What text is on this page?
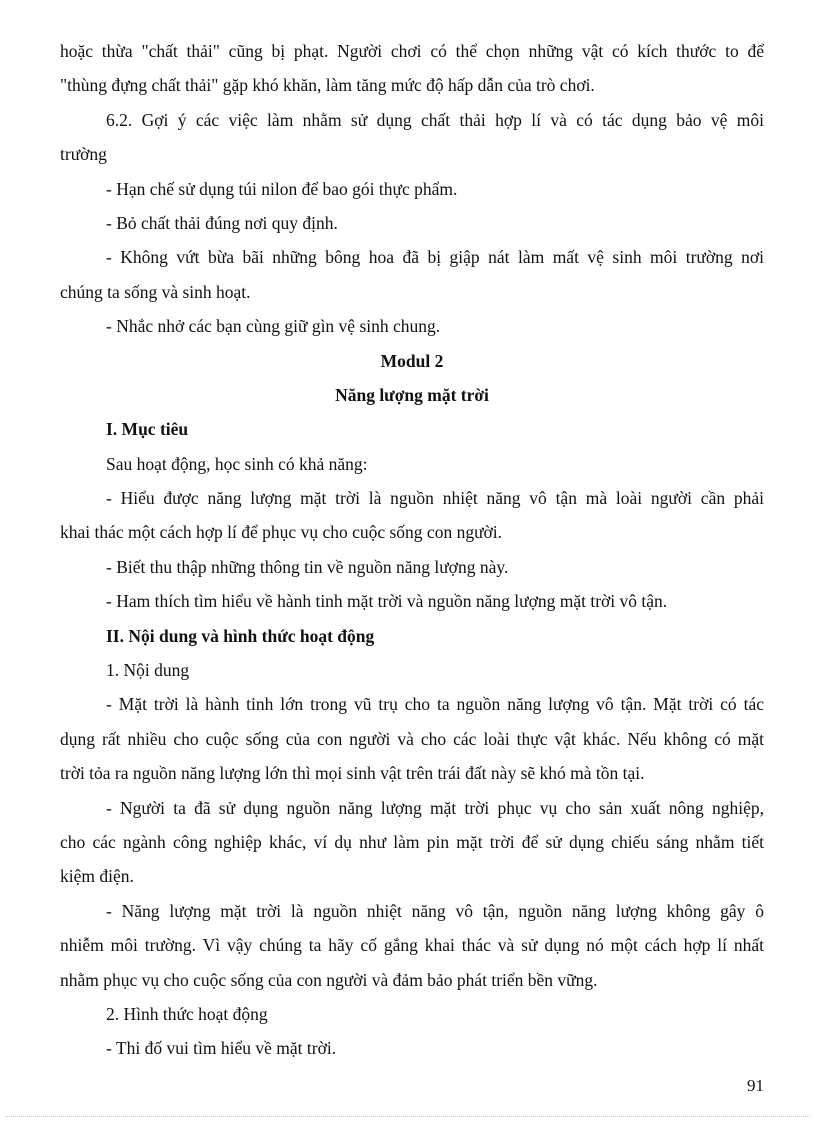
hoặc thừa "chất thải" cũng bị phạt. Người chơi có thể chọn những vật có kích thước to để
"thùng đựng chất thải" gặp khó khăn, làm tăng mức độ hấp dẫn của trò chơi.
6.2. Gợi ý các việc làm nhằm sử dụng chất thải hợp lí và có tác dụng bảo vệ môi
trường
- Hạn chế sử dụng túi nilon để bao gói thực phẩm.
- Bỏ chất thải đúng nơi quy định.
- Không vứt bừa bãi những bông hoa đã bị giập nát làm mất vệ sinh môi trường nơi
chúng ta sống và sinh hoạt.
- Nhắc nhở các bạn cùng giữ gìn vệ sinh chung.
Modul 2
Năng lượng mặt trời
I. Mục tiêu
Sau hoạt động, học sinh có khả năng:
- Hiểu được năng lượng mặt trời là nguồn nhiệt năng vô tận mà loài người cần phải
khai thác một cách hợp lí để phục vụ cho cuộc sống con người.
- Biết thu thập những thông tin về nguồn năng lượng này.
- Ham thích tìm hiểu về hành tinh mặt trời và nguồn năng lượng mặt trời vô tận.
II. Nội dung và hình thức hoạt động
1. Nội dung
- Mặt trời là hành tinh lớn trong vũ trụ cho ta nguồn năng lượng vô tận. Mặt trời có tác
dụng rất nhiều cho cuộc sống của con người và cho các loài thực vật khác. Nếu không có mặt
trời tỏa ra nguồn năng lượng lớn thì mọi sinh vật trên trái đất này sẽ khó mà tồn tại.
- Người ta đã sử dụng nguồn năng lượng mặt trời phục vụ cho sản xuất nông nghiệp,
cho các ngành công nghiệp khác, ví dụ như làm pin mặt trời để sử dụng chiếu sáng nhằm tiết
kiệm điện.
- Năng lượng mặt trời là nguồn nhiệt năng vô tận, nguồn năng lượng không gây ô
nhiễm môi trường. Vì vậy chúng ta hãy cố gắng khai thác và sử dụng nó một cách hợp lí nhất
nhằm phục vụ cho cuộc sống của con người và đảm bảo phát triển bền vững.
2. Hình thức hoạt động
- Thi đố vui tìm hiểu về mặt trời.
91
